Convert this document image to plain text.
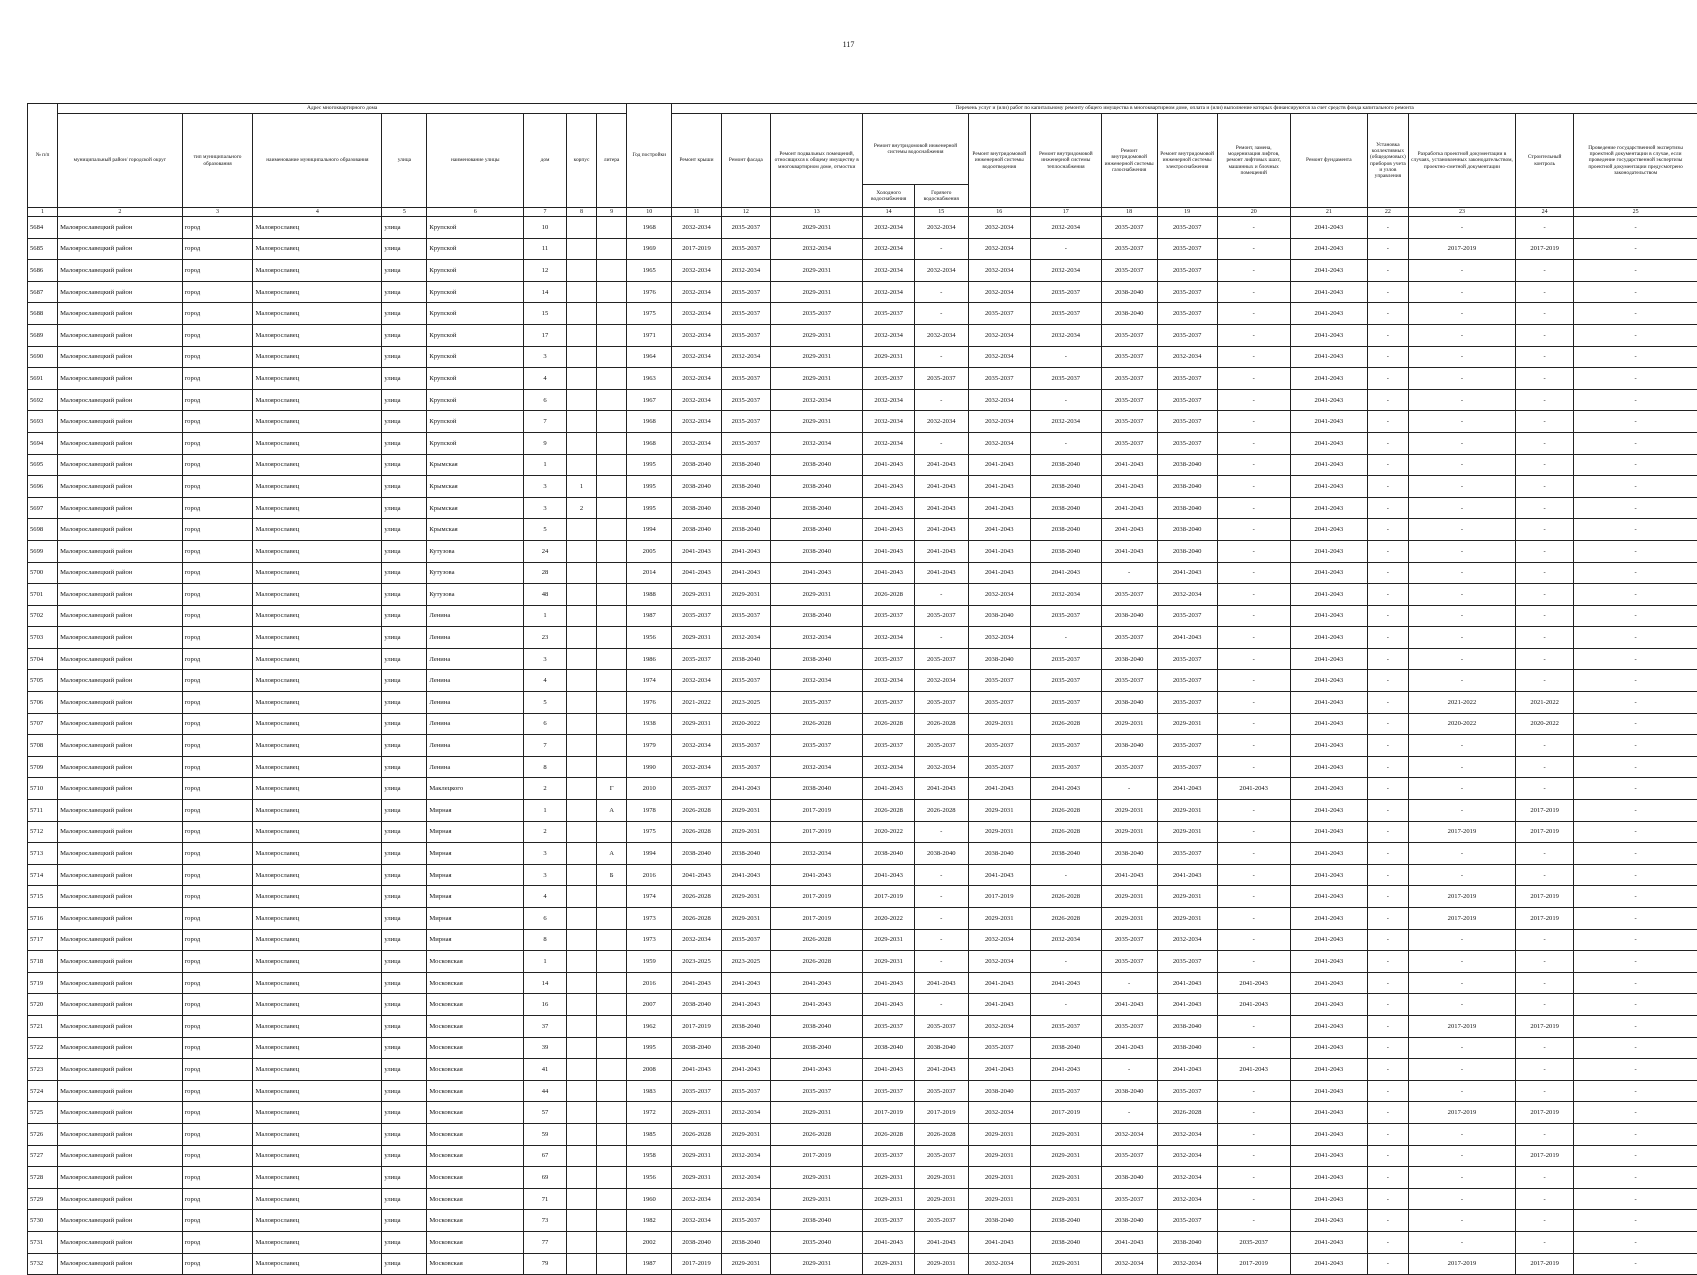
117
№ п/п	Адрес многоквартирного дома								Год постройки	Перечень услуг и (или) работ по капитальному ремонту общего имущества в многоквартирном доме, оплата и (или) выполнение которых финансируются за счет средств фонда капитального ремонта														
	муниципальный район/ городской округ	тип муниципального образования	наименование муниципального образования	улица	наименование улицы	дом	корпус	литера		Ремонт крыши	Ремонт фасада	Ремонт подвальных помещений, относящихся к общему имуществу в многоквартирном доме, отмостки	Ремонт внутридомовой инженерной системы водоснабжения		Ремонт внутридомовой инженерной системы водоотведения	Ремонт внутридомовой инженерной системы теплоснабжения	Ремонт внутридомовой инженерной системы газоснабжения	Ремонт внутридомовой инженерной системы электроснабжения	Ремонт, замена, модернизация лифтов, ремонт лифтовых шахт, машинных и блочных помещений	Ремонт фундамента	Установка коллективных (общедомовых) приборов учета и узлов управления	Разработка проектной документации в случаях, установленных законодательством, проектно-сметной документации	Строительный контроль	Проведение государственной экспертизы проектной документации в случае, если проведение государственной экспертизы проектной документации предусмотрено законодательством
													Холодного водоснабжения	Горячего водоснабжения										
1	2	3	4	5	6	7	8	9	10	11	12	13	14	15	16	17	18	19	20	21	22	23	24	25
5684	Малоярославецкий район	город	Малоярославец	улица	Крупской	10			1968	2032-2034	2035-2037	2029-2031	2032-2034	2032-2034	2032-2034	2032-2034	2035-2037	2035-2037	-	2041-2043	-	-	-	-
5685	Малоярославецкий район	город	Малоярославец	улица	Крупской	11			1969	2017-2019	2035-2037	2032-2034	2032-2034	-	2032-2034	-	2035-2037	2035-2037	-	2041-2043	-	2017-2019	2017-2019	-
5686	Малоярославецкий район	город	Малоярославец	улица	Крупской	12			1965	2032-2034	2032-2034	2029-2031	2032-2034	2032-2034	2032-2034	2032-2034	2035-2037	2035-2037	-	2041-2043	-	-	-	-
5687	Малоярославецкий район	город	Малоярославец	улица	Крупской	14			1976	2032-2034	2035-2037	2029-2031	2032-2034	-	2032-2034	2035-2037	2038-2040	2035-2037	-	2041-2043	-	-	-	-
5688	Малоярославецкий район	город	Малоярославец	улица	Крупской	15			1975	2032-2034	2035-2037	2035-2037	2035-2037	-	2035-2037	2035-2037	2038-2040	2035-2037	-	2041-2043	-	-	-	-
5689	Малоярославецкий район	город	Малоярославец	улица	Крупской	17			1971	2032-2034	2035-2037	2029-2031	2032-2034	2032-2034	2032-2034	2032-2034	2035-2037	2035-2037	-	2041-2043	-	-	-	-
5690	Малоярославецкий район	город	Малоярославец	улица	Крупской	3			1964	2032-2034	2032-2034	2029-2031	2029-2031	-	2032-2034	-	2035-2037	2032-2034	-	2041-2043	-	-	-	-
5691	Малоярославецкий район	город	Малоярославец	улица	Крупской	4			1963	2032-2034	2035-2037	2029-2031	2035-2037	2035-2037	2035-2037	2035-2037	2035-2037	2035-2037	-	2041-2043	-	-	-	-
5692	Малоярославецкий район	город	Малоярославец	улица	Крупской	6			1967	2032-2034	2035-2037	2032-2034	2032-2034	-	2032-2034	-	2035-2037	2035-2037	-	2041-2043	-	-	-	-
5693	Малоярославецкий район	город	Малоярославец	улица	Крупской	7			1968	2032-2034	2035-2037	2029-2031	2032-2034	2032-2034	2032-2034	2032-2034	2035-2037	2035-2037	-	2041-2043	-	-	-	-
5694	Малоярославецкий район	город	Малоярославец	улица	Крупской	9			1968	2032-2034	2035-2037	2032-2034	2032-2034	-	2032-2034	-	2035-2037	2035-2037	-	2041-2043	-	-	-	-
5695	Малоярославецкий район	город	Малоярославец	улица	Крымская	1			1995	2038-2040	2038-2040	2038-2040	2041-2043	2041-2043	2041-2043	2038-2040	2041-2043	2038-2040	-	2041-2043	-	-	-	-
5696	Малоярославецкий район	город	Малоярославец	улица	Крымская	3	1		1995	2038-2040	2038-2040	2038-2040	2041-2043	2041-2043	2041-2043	2038-2040	2041-2043	2038-2040	-	2041-2043	-	-	-	-
5697	Малоярославецкий район	город	Малоярославец	улица	Крымская	3	2		1995	2038-2040	2038-2040	2038-2040	2041-2043	2041-2043	2041-2043	2038-2040	2041-2043	2038-2040	-	2041-2043	-	-	-	-
5698	Малоярославецкий район	город	Малоярославец	улица	Крымская	5			1994	2038-2040	2038-2040	2038-2040	2041-2043	2041-2043	2041-2043	2038-2040	2041-2043	2038-2040	-	2041-2043	-	-	-	-
5699	Малоярославецкий район	город	Малоярославец	улица	Кутузова	24			2005	2041-2043	2041-2043	2038-2040	2041-2043	2041-2043	2041-2043	2038-2040	2041-2043	2038-2040	-	2041-2043	-	-	-	-
5700	Малоярославецкий район	город	Малоярославец	улица	Кутузова	28			2014	2041-2043	2041-2043	2041-2043	2041-2043	2041-2043	2041-2043	2041-2043	-	2041-2043	-	2041-2043	-	-	-	-
5701	Малоярославецкий район	город	Малоярославец	улица	Кутузова	48			1988	2029-2031	2029-2031	2029-2031	2026-2028	-	2032-2034	2032-2034	2035-2037	2032-2034	-	2041-2043	-	-	-	-
5702	Малоярославецкий район	город	Малоярославец	улица	Ленина	1			1987	2035-2037	2035-2037	2038-2040	2035-2037	2035-2037	2038-2040	2035-2037	2038-2040	2035-2037	-	2041-2043	-	-	-	-
5703	Малоярославецкий район	город	Малоярославец	улица	Ленина	23			1956	2029-2031	2032-2034	2032-2034	2032-2034	-	2032-2034	-	2035-2037	2041-2043	-	2041-2043	-	-	-	-
5704	Малоярославецкий район	город	Малоярославец	улица	Ленина	3			1986	2035-2037	2038-2040	2038-2040	2035-2037	2035-2037	2038-2040	2035-2037	2038-2040	2035-2037	-	2041-2043	-	-	-	-
5705	Малоярославецкий район	город	Малоярославец	улица	Ленина	4			1974	2032-2034	2035-2037	2032-2034	2032-2034	2032-2034	2035-2037	2035-2037	2035-2037	2035-2037	-	2041-2043	-	-	-	-
5706	Малоярославецкий район	город	Малоярославец	улица	Ленина	5			1976	2021-2022	2023-2025	2035-2037	2035-2037	2035-2037	2035-2037	2035-2037	2038-2040	2035-2037	-	2041-2043	-	2021-2022	2021-2022	-
5707	Малоярославецкий район	город	Малоярославец	улица	Ленина	6			1938	2029-2031	2020-2022	2026-2028	2026-2028	2026-2028	2029-2031	2026-2028	2029-2031	2029-2031	-	2041-2043	-	2020-2022	2020-2022	-
5708	Малоярославецкий район	город	Малоярославец	улица	Ленина	7			1979	2032-2034	2035-2037	2035-2037	2035-2037	2035-2037	2035-2037	2035-2037	2038-2040	2035-2037	-	2041-2043	-	-	-	-
5709	Малоярославецкий район	город	Малоярославец	улица	Ленина	8			1990	2032-2034	2035-2037	2032-2034	2032-2034	2032-2034	2035-2037	2035-2037	2035-2037	2035-2037	-	2041-2043	-	-	-	-
5710	Малоярославецкий район	город	Малоярославец	улица	Маклецкого	2		Г	2010	2035-2037	2041-2043	2038-2040	2041-2043	2041-2043	2041-2043	2041-2043	-	2041-2043	2041-2043	2041-2043	-	-	-	-
5711	Малоярославецкий район	город	Малоярославец	улица	Мирная	1		А	1978	2026-2028	2029-2031	2017-2019	2026-2028	2026-2028	2029-2031	2026-2028	2029-2031	2029-2031	-	2041-2043	-	-	2017-2019	-
5712	Малоярославецкий район	город	Малоярославец	улица	Мирная	2			1975	2026-2028	2029-2031	2017-2019	2020-2022	-	2029-2031	2026-2028	2029-2031	2029-2031	-	2041-2043	-	2017-2019	2017-2019	-
5713	Малоярославецкий район	город	Малоярославец	улица	Мирная	3		А	1994	2038-2040	2038-2040	2032-2034	2038-2040	2038-2040	2038-2040	2038-2040	2038-2040	2035-2037	-	2041-2043	-	-	-	-
5714	Малоярославецкий район	город	Малоярославец	улица	Мирная	3		Б	2016	2041-2043	2041-2043	2041-2043	2041-2043	-	2041-2043	-	2041-2043	2041-2043	-	2041-2043	-	-	-	-
5715	Малоярославецкий район	город	Малоярославец	улица	Мирная	4			1974	2026-2028	2029-2031	2017-2019	2017-2019	-	2017-2019	2026-2028	2029-2031	2029-2031	-	2041-2043	-	2017-2019	2017-2019	-
5716	Малоярославецкий район	город	Малоярославец	улица	Мирная	6			1973	2026-2028	2029-2031	2017-2019	2020-2022	-	2029-2031	2026-2028	2029-2031	2029-2031	-	2041-2043	-	2017-2019	2017-2019	-
5717	Малоярославецкий район	город	Малоярославец	улица	Мирная	8			1973	2032-2034	2035-2037	2026-2028	2029-2031	-	2032-2034	2032-2034	2035-2037	2032-2034	-	2041-2043	-	-	-	-
5718	Малоярославецкий район	город	Малоярославец	улица	Московская	1			1959	2023-2025	2023-2025	2026-2028	2029-2031	-	2032-2034	-	2035-2037	2035-2037	-	2041-2043	-	-	-	-
5719	Малоярославецкий район	город	Малоярославец	улица	Московская	14			2016	2041-2043	2041-2043	2041-2043	2041-2043	2041-2043	2041-2043	2041-2043	-	2041-2043	2041-2043	2041-2043	-	-	-	-
5720	Малоярославецкий район	город	Малоярославец	улица	Московская	16			2007	2038-2040	2041-2043	2041-2043	2041-2043	-	2041-2043	-	2041-2043	2041-2043	2041-2043	2041-2043	-	-	-	-
5721	Малоярославецкий район	город	Малоярославец	улица	Московская	37			1962	2017-2019	2038-2040	2038-2040	2035-2037	2035-2037	2032-2034	2035-2037	2035-2037	2038-2040	-	2041-2043	-	2017-2019	2017-2019	-
5722	Малоярославецкий район	город	Малоярославец	улица	Московская	39			1995	2038-2040	2038-2040	2038-2040	2038-2040	2038-2040	2035-2037	2038-2040	2041-2043	2038-2040	-	2041-2043	-	-	-	-
5723	Малоярославецкий район	город	Малоярославец	улица	Московская	41			2008	2041-2043	2041-2043	2041-2043	2041-2043	2041-2043	2041-2043	2041-2043	-	2041-2043	2041-2043	2041-2043	-	-	-	-
5724	Малоярославецкий район	город	Малоярославец	улица	Московская	44			1983	2035-2037	2035-2037	2035-2037	2035-2037	2035-2037	2038-2040	2035-2037	2038-2040	2035-2037	-	2041-2043	-	-	-	-
5725	Малоярославецкий район	город	Малоярославец	улица	Московская	57			1972	2029-2031	2032-2034	2029-2031	2017-2019	2017-2019	2032-2034	2017-2019	-	2026-2028	-	2041-2043	-	2017-2019	2017-2019	-
5726	Малоярославецкий район	город	Малоярославец	улица	Московская	59			1985	2026-2028	2029-2031	2026-2028	2026-2028	2026-2028	2029-2031	2029-2031	2032-2034	2032-2034	-	2041-2043	-	-	-	-
5727	Малоярославецкий район	город	Малоярославец	улица	Московская	67			1958	2029-2031	2032-2034	2017-2019	2035-2037	2035-2037	2029-2031	2029-2031	2035-2037	2032-2034	-	2041-2043	-	-	2017-2019	-
5728	Малоярославецкий район	город	Малоярославец	улица	Московская	69			1956	2029-2031	2032-2034	2029-2031	2029-2031	2029-2031	2029-2031	2029-2031	2038-2040	2032-2034	-	2041-2043	-	-	-	-
5729	Малоярославецкий район	город	Малоярославец	улица	Московская	71			1960	2032-2034	2032-2034	2029-2031	2029-2031	2029-2031	2029-2031	2029-2031	2035-2037	2032-2034	-	2041-2043	-	-	-	-
5730	Малоярославецкий район	город	Малоярославец	улица	Московская	73			1982	2032-2034	2035-2037	2038-2040	2035-2037	2035-2037	2038-2040	2038-2040	2038-2040	2035-2037	-	2041-2043	-	-	-	-
5731	Малоярославецкий район	город	Малоярославец	улица	Московская	77			2002	2038-2040	2038-2040	2035-2040	2041-2043	2041-2043	2041-2043	2038-2040	2041-2043	2038-2040	2035-2037	2041-2043	-	-	-	-
5732	Малоярославецкий район	город	Малоярославец	улица	Московская	79			1987	2017-2019	2029-2031	2029-2031	2029-2031	2029-2031	2032-2034	2029-2031	2032-2034	2032-2034	2017-2019	2041-2043	-	2017-2019	2017-2019	-
